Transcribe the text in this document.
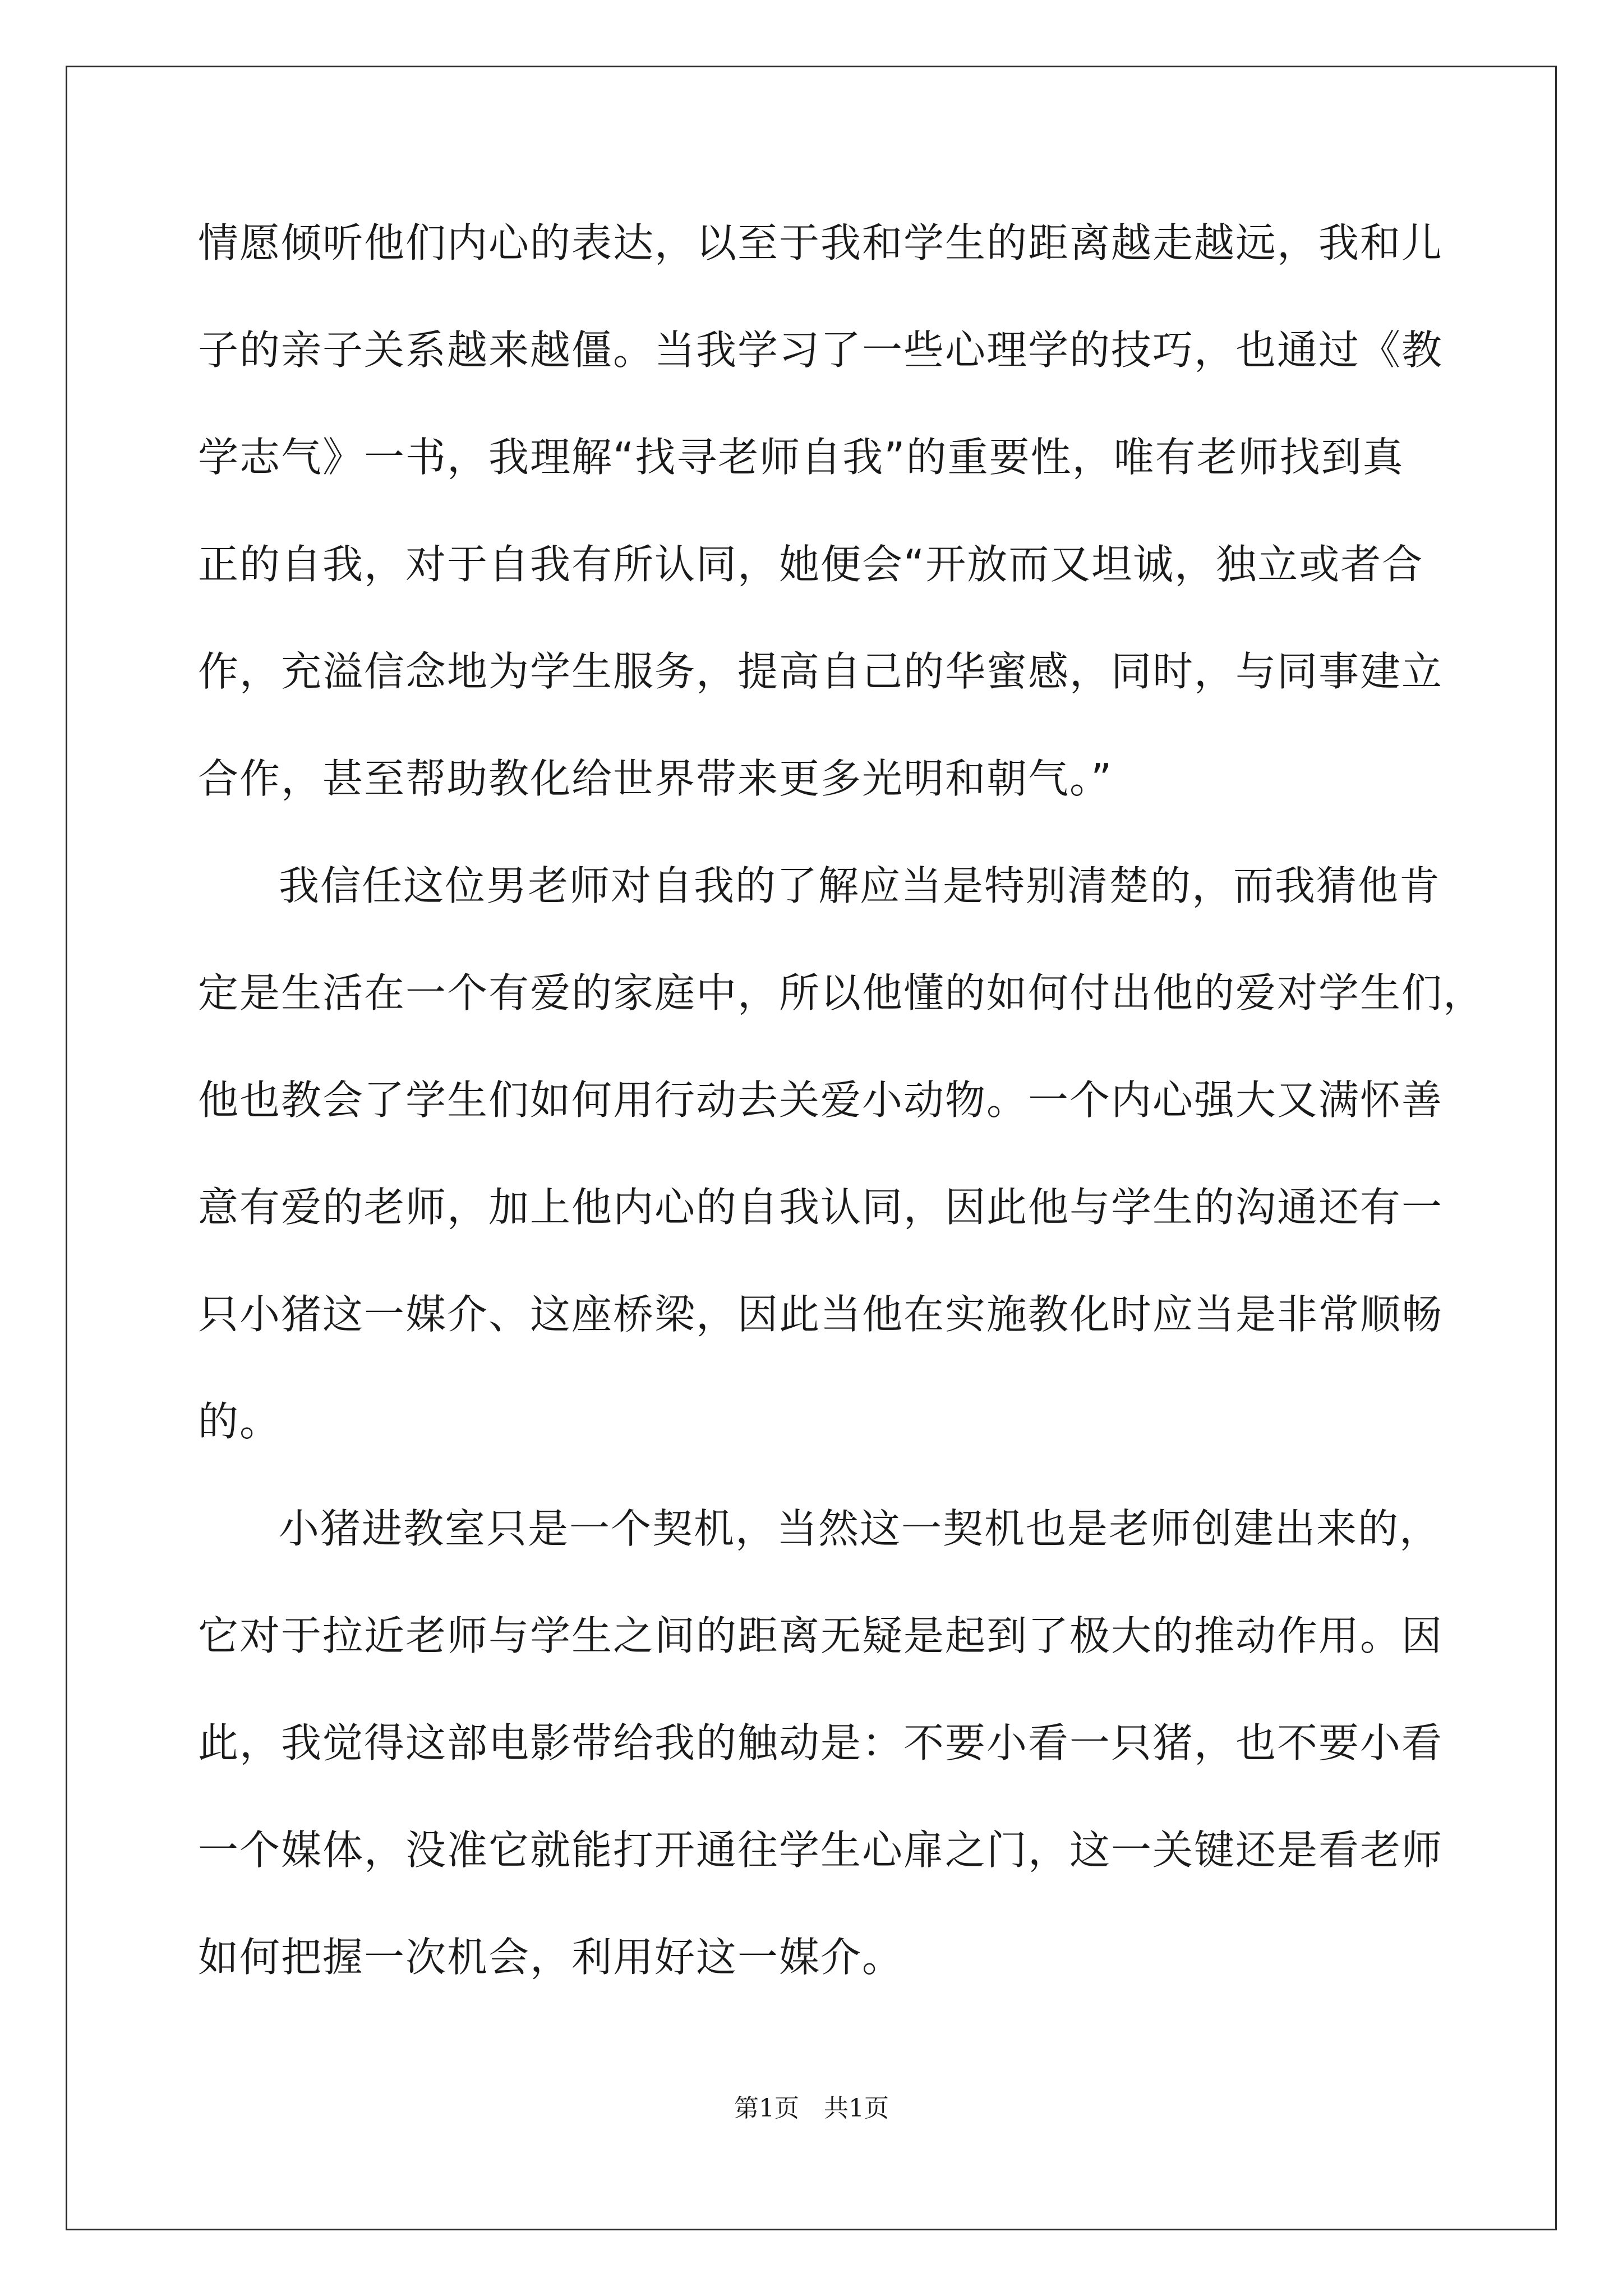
情愿倾听他们内心的表达，以至于我和学生的距离越走越远，我和儿
子的亲子关系越来越僵。当我学习了一些心理学的技巧，也通过《教
学志气》一书，我理解“找寻老师自我”的重要性，唯有老师找到真
正的自我，对于自我有所认同，她便会“开放而又坦诚，独立或者合
作，充溢信念地为学生服务，提高自己的华蜜感，同时，与同事建立
合作，甚至帮助教化给世界带来更多光明和朝气。”
我信任这位男老师对自我的了解应当是特别清楚的，而我猜他肯
定是生活在一个有爱的家庭中，所以他懂的如何付出他的爱对学生们，
他也教会了学生们如何用行动去关爱小动物。一个内心强大又满怀善
意有爱的老师，加上他内心的自我认同，因此他与学生的沟通还有一
只小猪这一媒介、这座桥梁，因此当他在实施教化时应当是非常顺畅
的。
小猪进教室只是一个契机，当然这一契机也是老师创建出来的，
它对于拉近老师与学生之间的距离无疑是起到了极大的推动作用。因
此，我觉得这部电影带给我的触动是：不要小看一只猪，也不要小看
一个媒体，没准它就能打开通往学生心扉之门，这一关键还是看老师
如何把握一次机会，利用好这一媒介。
第1页　共1页
